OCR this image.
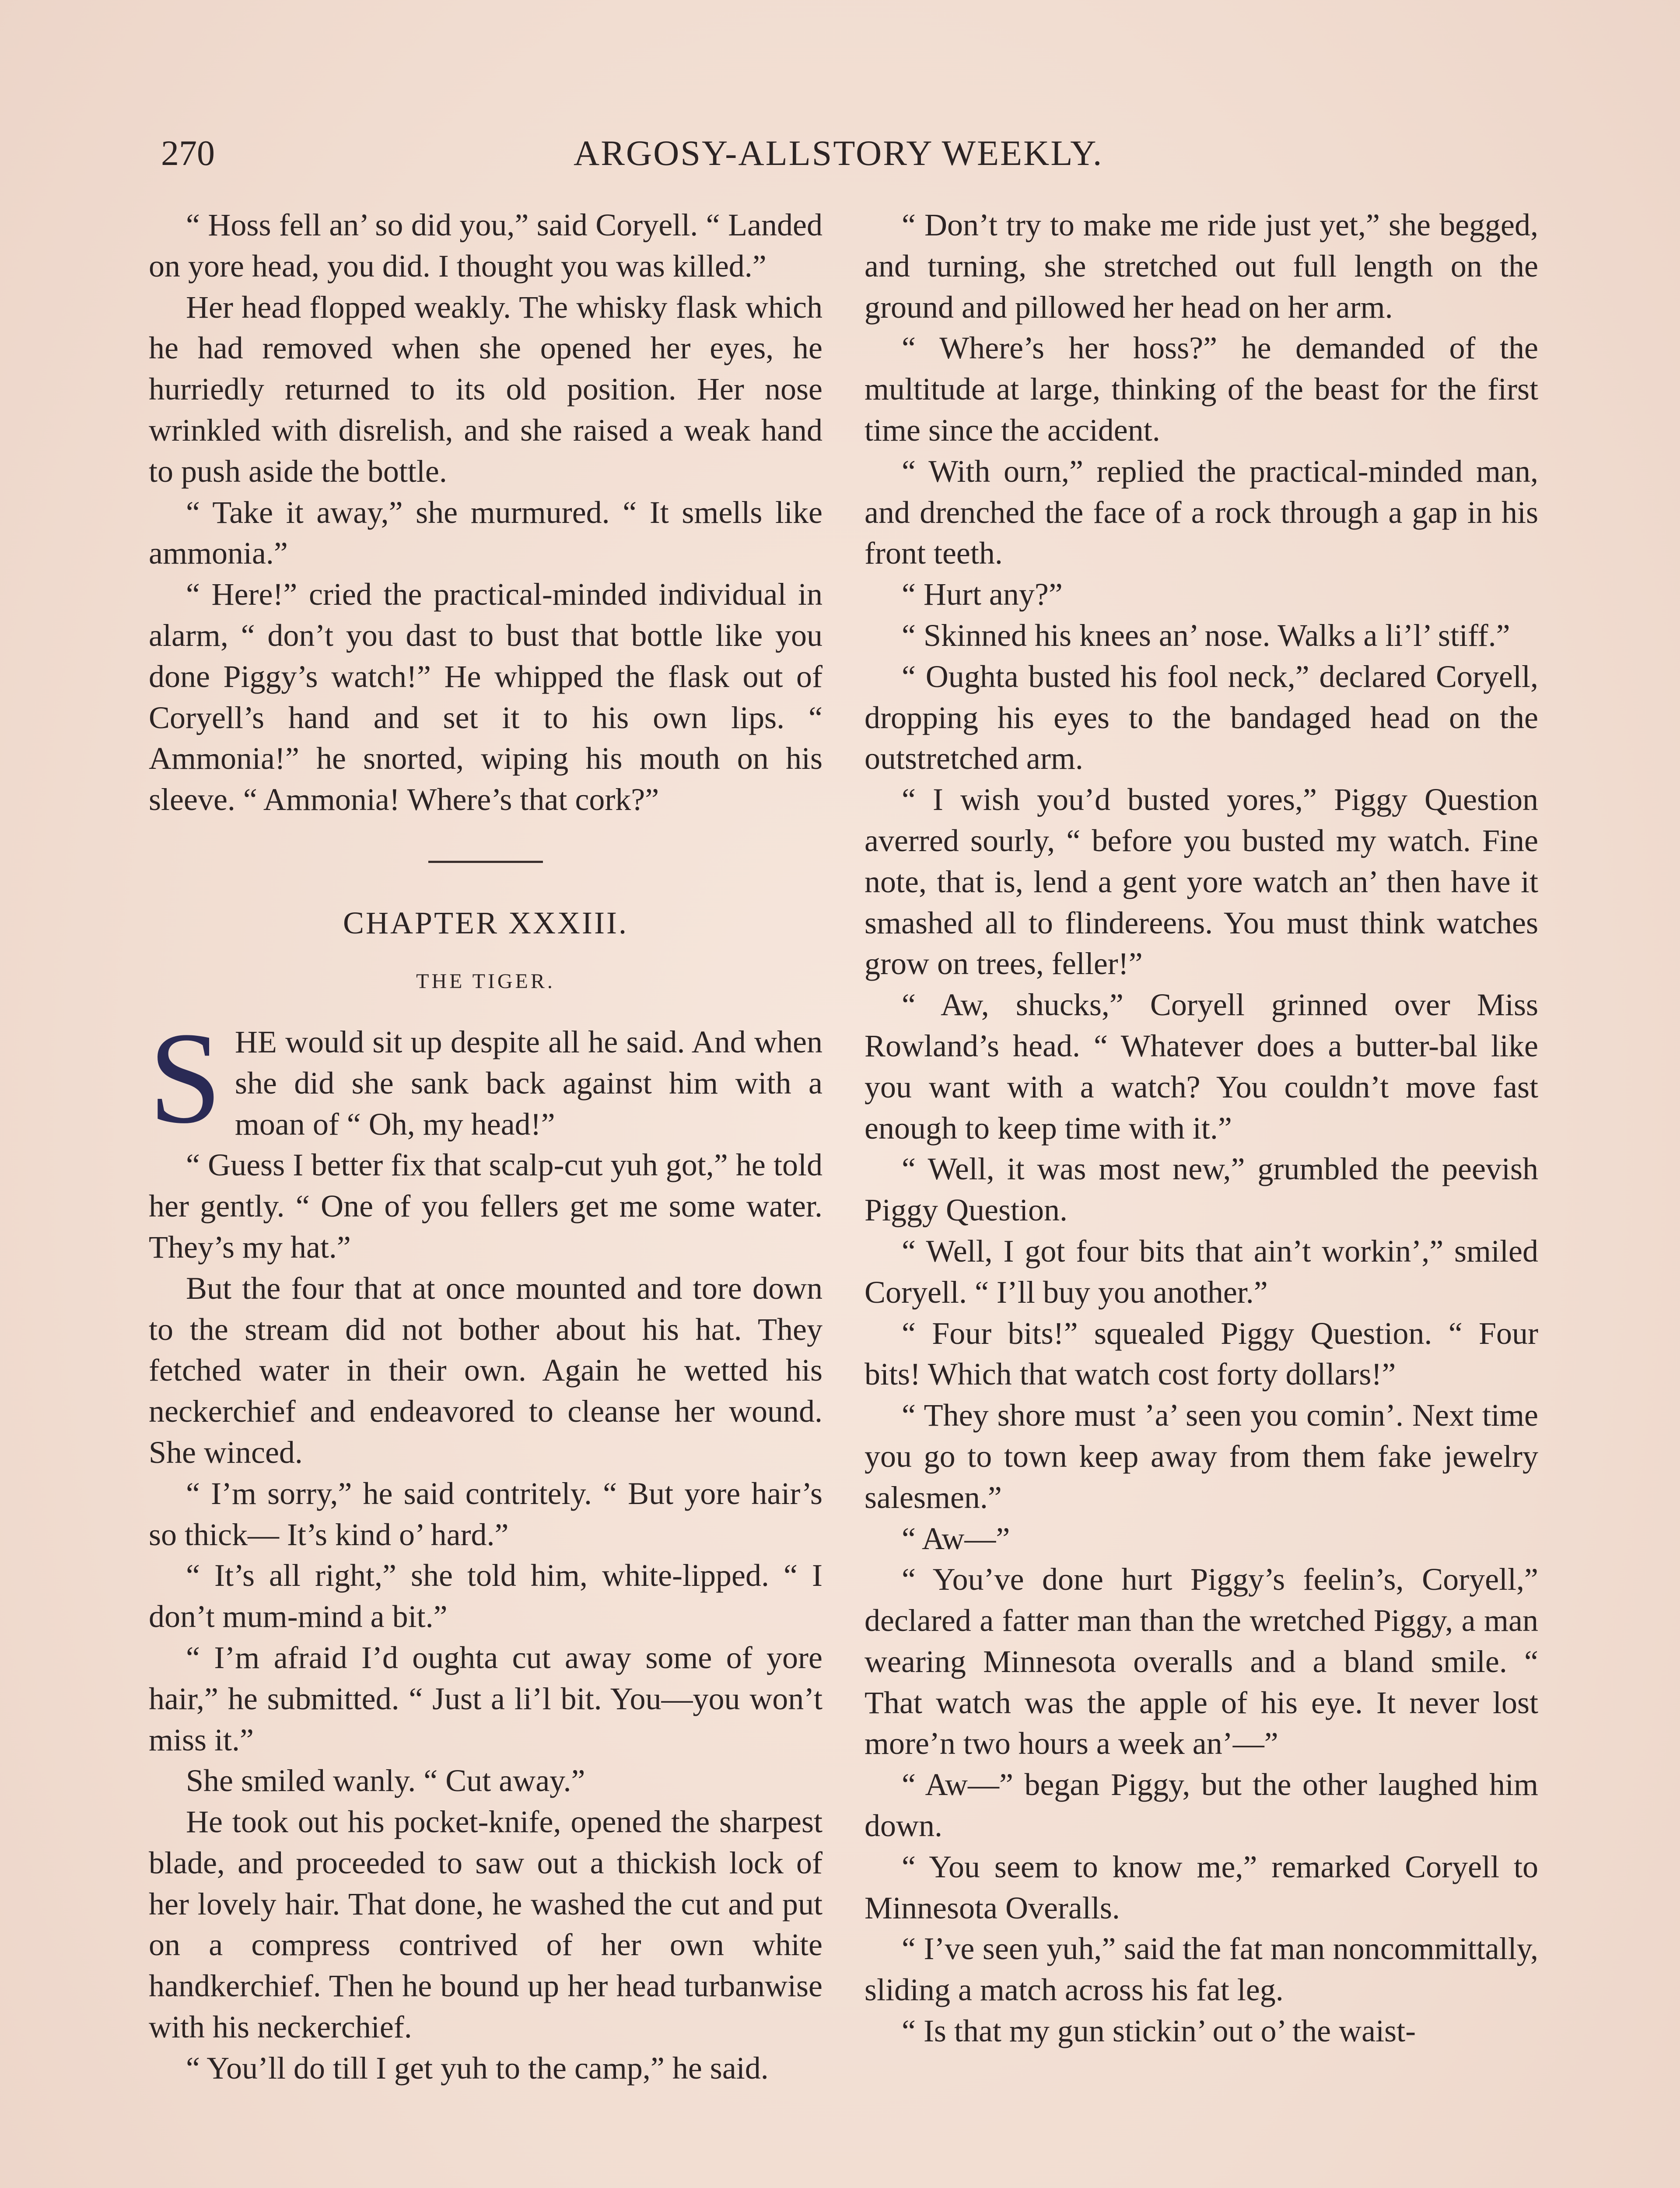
270	ARGOSY-ALLSTORY WEEKLY.

“ Hoss fell an’ so did you,” said Coryell. “ Landed on yore head, you did. I thought you was killed.”

Her head flopped weakly. The whisky flask which he had removed when she opened her eyes, he hurriedly returned to its old position. Her nose wrinkled with disrelish, and she raised a weak hand to push aside the bottle.

“ Take it away,” she murmured. “ It smells like ammonia.”

“ Here!” cried the practical-minded individual in alarm, “ don’t you dast to bust that bottle like you done Piggy’s watch!” He whipped the flask out of Coryell’s hand and set it to his own lips. “ Ammonia!” he snorted, wiping his mouth on his sleeve. “ Ammonia! Where’s that cork?”

CHAPTER XXXIII.
THE TIGER.

SHE would sit up despite all he said. And when she did she sank back against him with a moan of “ Oh, my head!”

“ Guess I better fix that scalp-cut yuh got,” he told her gently. “ One of you fellers get me some water. They’s my hat.”

But the four that at once mounted and tore down to the stream did not bother about his hat. They fetched water in their own. Again he wetted his neckerchief and endeavored to cleanse her wound. She winced.

“ I’m sorry,” he said contritely. “ But yore hair’s so thick— It’s kind o’ hard.”

“ It’s all right,” she told him, white-lipped. “ I don’t mum-mind a bit.”

“ I’m afraid I’d oughta cut away some of yore hair,” he submitted. “ Just a li’l bit. You—you won’t miss it.”

She smiled wanly. “ Cut away.”

He took out his pocket-knife, opened the sharpest blade, and proceeded to saw out a thickish lock of her lovely hair. That done, he washed the cut and put on a compress contrived of her own white handkerchief. Then he bound up her head turbanwise with his neckerchief.

“ You’ll do till I get yuh to the camp,” he said.

“ Don’t try to make me ride just yet,” she begged, and turning, she stretched out full length on the ground and pillowed her head on her arm.

“ Where’s her hoss?” he demanded of the multitude at large, thinking of the beast for the first time since the accident.

“ With ourn,” replied the practical-minded man, and drenched the face of a rock through a gap in his front teeth.

“ Hurt any?”

“ Skinned his knees an’ nose. Walks a li’l’ stiff.”

“ Oughta busted his fool neck,” declared Coryell, dropping his eyes to the bandaged head on the outstretched arm.

“ I wish you’d busted yores,” Piggy Question averred sourly, “ before you busted my watch. Fine note, that is, lend a gent yore watch an’ then have it smashed all to flindereens. You must think watches grow on trees, feller!”

“ Aw, shucks,” Coryell grinned over Miss Rowland’s head. “ Whatever does a butter-bal like you want with a watch? You couldn’t move fast enough to keep time with it.”

“ Well, it was most new,” grumbled the peevish Piggy Question.

“ Well, I got four bits that ain’t workin’,” smiled Coryell. “ I’ll buy you another.”

“ Four bits!” squealed Piggy Question. “ Four bits! Which that watch cost forty dollars!”

“ They shore must ’a’ seen you comin’. Next time you go to town keep away from them fake jewelry salesmen.”

“ Aw—”

“ You’ve done hurt Piggy’s feelin’s, Coryell,” declared a fatter man than the wretched Piggy, a man wearing Minnesota overalls and a bland smile. “ That watch was the apple of his eye. It never lost more’n two hours a week an’—”

“ Aw—” began Piggy, but the other laughed him down.

“ You seem to know me,” remarked Coryell to Minnesota Overalls.

“ I’ve seen yuh,” said the fat man noncommittally, sliding a match across his fat leg.

“ Is that my gun stickin’ out o’ the waist-
